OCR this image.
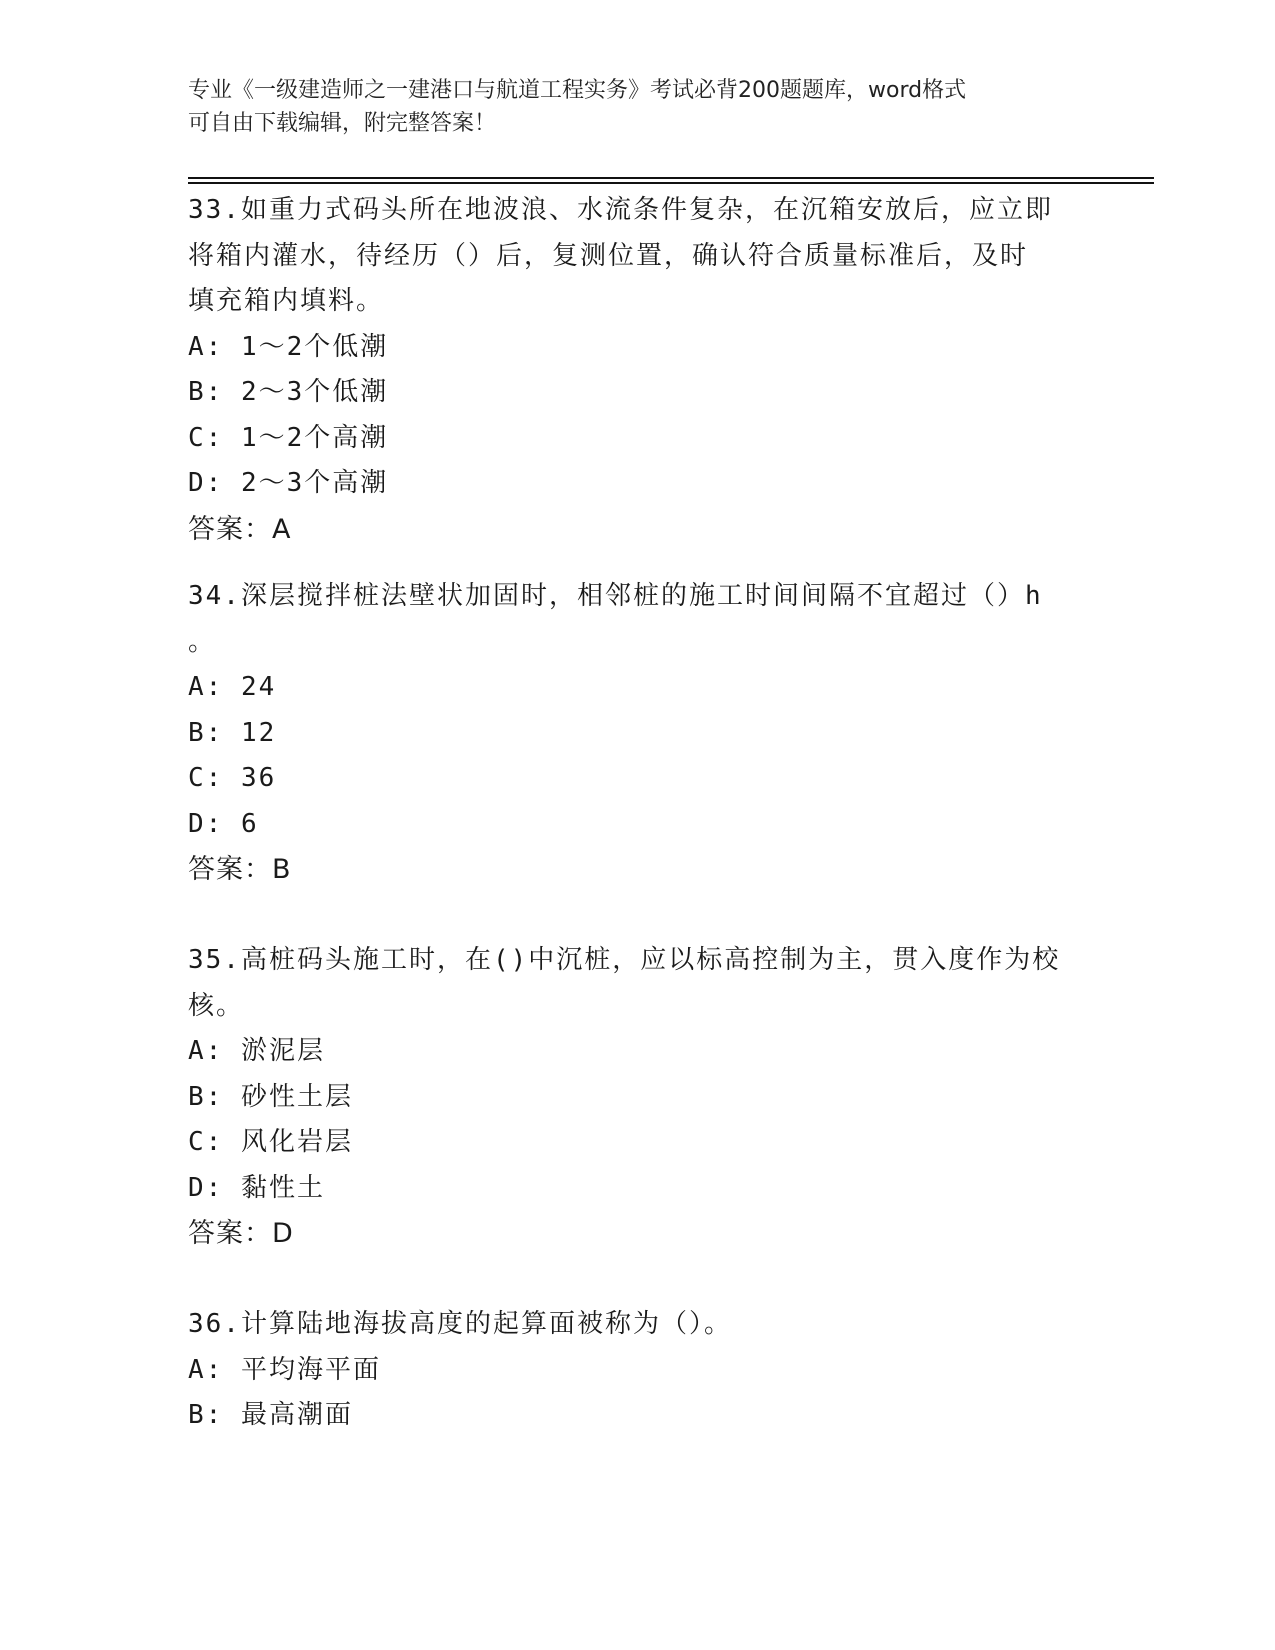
专业《一级建造师之一建港口与航道工程实务》考试必背200题题库，word格式
可自由下载编辑，附完整答案！
33.如重力式码头所在地波浪、水流条件复杂，在沉箱安放后，应立即
将箱内灌水，待经历（）后，复测位置，确认符合质量标准后，及时
填充箱内填料。
A: 1～2个低潮
B: 2～3个低潮
C: 1～2个高潮
D: 2～3个高潮
答案：A
34.深层搅拌桩法壁状加固时，相邻桩的施工时间间隔不宜超过（）h
。
A: 24
B: 12
C: 36
D: 6
答案：B
35.高桩码头施工时，在()中沉桩，应以标高控制为主，贯入度作为校
核。
A: 淤泥层
B: 砂性土层
C: 风化岩层
D: 黏性土
答案：D
36.计算陆地海拔高度的起算面被称为（）。
A: 平均海平面
B: 最高潮面
